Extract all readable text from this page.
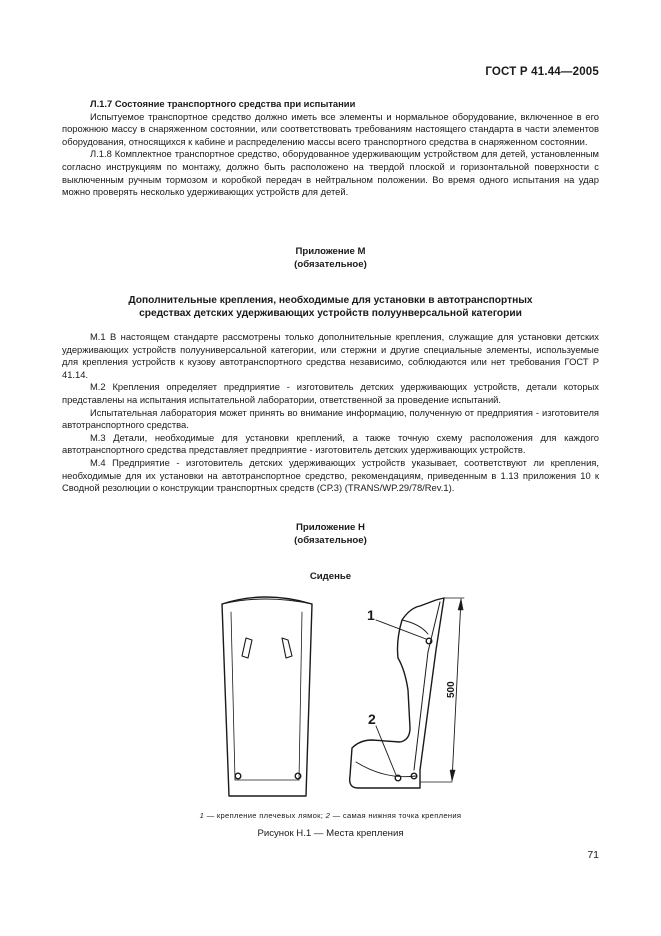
ГОСТ Р 41.44—2005

Л.1.7 Состояние транспортного средства при испытании

Испытуемое транспортное средство должно иметь все элементы и нормальное оборудование, включенное в его порожнюю массу в снаряженном состоянии, или соответствовать требованиям настоящего стандарта в части элементов оборудования, относящихся к кабине и распределению массы всего транспортного средства в снаряженном состоянии.

Л.1.8 Комплектное транспортное средство, оборудованное удерживающим устройством для детей, установленным согласно инструкциям по монтажу, должно быть расположено на твердой плоской и горизонтальной поверхности с выключенным ручным тормозом и коробкой передач в нейтральном положении. Во время одного испытания на удар можно проверять несколько удерживающих устройств для детей.

Приложение М
(обязательное)
Дополнительные крепления, необходимые для установки в автотранспортных
средствах детских удерживающих устройств полуунверсальной категории

М.1 В настоящем стандарте рассмотрены только дополнительные крепления, служащие для установки детских удерживающих устройств полууниверсальной категории, или стержни и другие специальные элементы, используемые для крепления устройств к кузову автотранспортного средства независимо, соблюдаются или нет требования ГОСТ Р 41.14.

М.2 Крепления определяет предприятие - изготовитель детских удерживающих устройств, детали которых представлены на испытания испытательной лаборатории, ответственной за проведение испытаний.

Испытательная лаборатория может принять во внимание информацию, полученную от предприятия - изготовителя автотранспортного средства.

М.3 Детали, необходимые для установки креплений, а также точную схему расположения для каждого автотранспортного средства представляет предприятие - изготовитель детских удерживающих устройств.

М.4 Предприятие - изготовитель детских удерживающих устройств указывает, соответствуют ли крепления, необходимые для их установки на автотранспортное средство, рекомендациям, приведенным в 1.13 приложения 10 к Сводной резолюции о конструкции транспортных средств (СР.3) (TRANS/WP.29/78/Rev.1).

Приложение Н
(обязательное)
Сиденье
1
2
500
1 — крепление плечевых лямок; 2 — самая нижняя точка крепления
Рисунок Н.1 — Места крепления
71
